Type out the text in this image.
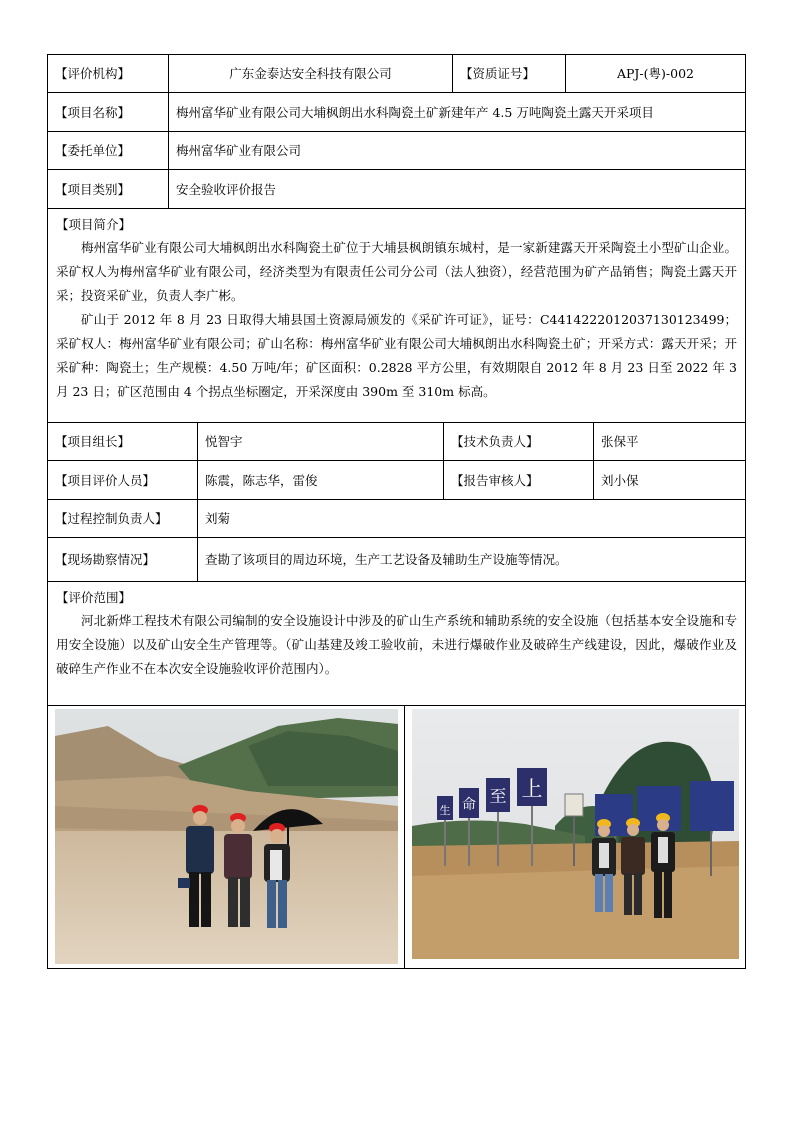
【评价机构】	广东金泰达安全科技有限公司	【资质证号】	APJ-(粤)-002
【项目名称】	梅州富华矿业有限公司大埔枫朗出水科陶瓷土矿新建年产 4.5 万吨陶瓷土露天开采项目		
【委托单位】	梅州富华矿业有限公司		
【项目类别】	安全验收评价报告		

【项目简介】

梅州富华矿业有限公司大埔枫朗出水科陶瓷土矿位于大埔县枫朗镇东城村，是一家新建露天开采陶瓷土小型矿山企业。采矿权人为梅州富华矿业有限公司，经济类型为有限责任公司分公司（法人独资），经营范围为矿产品销售；陶瓷土露天开采；投资采矿业，负责人李广彬。

矿山于 2012 年 8 月 23 日取得大埔县国土资源局颁发的《采矿许可证》，证号：C4414222012037130123499；采矿权人：梅州富华矿业有限公司；矿山名称：梅州富华矿业有限公司大埔枫朗出水科陶瓷土矿；开采方式：露天开采；开采矿种：陶瓷土；生产规模：4.50 万吨/年；矿区面积：0.2828 平方公里，有效期限自 2012 年 8 月 23 日至 2022 年 3 月 23 日；矿区范围由 4 个拐点坐标圈定，开采深度由 390m 至 310m 标高。			

【项目组长】	悦智宇	【技术负责人】	张保平
【项目评价人员】	陈震，陈志华，雷俊	【报告审核人】	刘小保
【过程控制负责人】	刘菊		
【现场勘察情况】	查勘了该项目的周边环境，生产工艺设备及辅助生产设施等情况。		

【评价范围】

河北新烨工程技术有限公司编制的安全设施设计中涉及的矿山生产系统和辅助系统的安全设施（包括基本安全设施和专用安全设施）以及矿山安全生产管理等。（矿山基建及竣工验收前，未进行爆破作业及破碎生产线建设，因此，爆破作业及破碎生产作业不在本次安全设施验收评价范围内）。			

生 命 至 上
